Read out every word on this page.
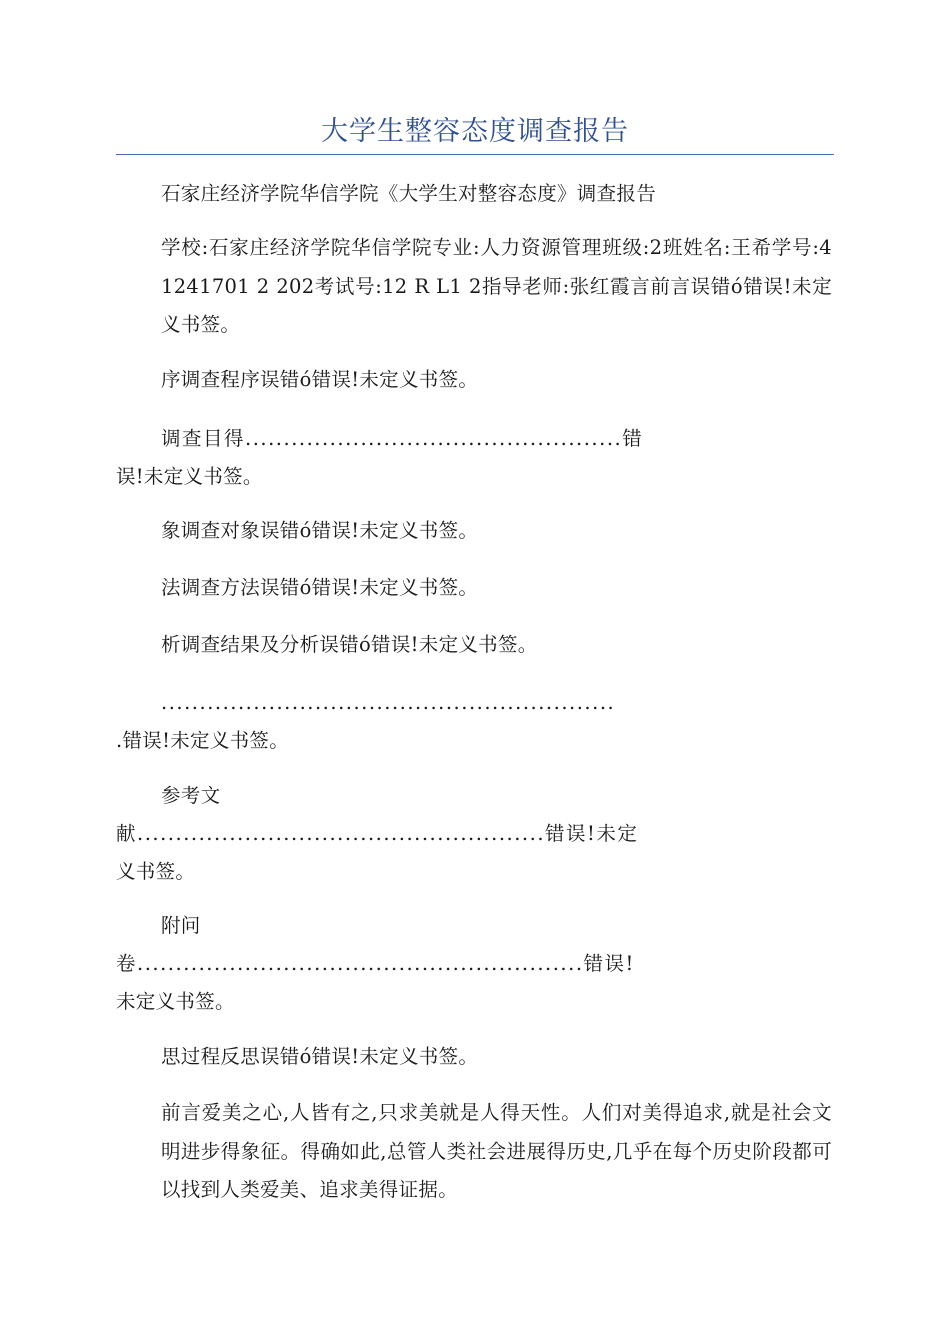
大学生整容态度调查报告

石家庄经济学院华信学院《大学生对整容态度》调查报告

学校:石家庄经济学院华信学院专业:人力资源管理班级:2班姓名:王希学号:4 1241701 2 202考试号:12 R L1 2指导老师:张红霞言前言误错ó错误!未定义书签。

序调查程序误错ó错误!未定义书签。

调查目得.................................................错

误!未定义书签。

象调查对象误错ó错误!未定义书签。

法调查方法误错ó错误!未定义书签。

析调查结果及分析误错ó错误!未定义书签。

...........................................................

.错误!未定义书签。

参考文

献.....................................................错误!未定

义书签。

附问

卷..........................................................错误!

未定义书签。

思过程反思误错ó错误!未定义书签。

前言爱美之心,人皆有之,只求美就是人得天性。人们对美得追求,就是社会文明进步得象征。得确如此,总管人类社会进展得历史,几乎在每个历史阶段都可以找到人类爱美、追求美得证据。
